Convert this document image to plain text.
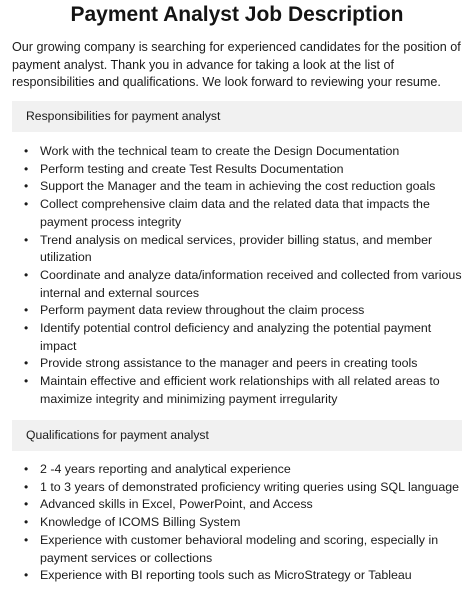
Payment Analyst Job Description

Our growing company is searching for experienced candidates for the position of payment analyst. Thank you in advance for taking a look at the list of responsibilities and qualifications. We look forward to reviewing your resume.

Responsibilities for payment analyst
• Work with the technical team to create the Design Documentation
• Perform testing and create Test Results Documentation
• Support the Manager and the team in achieving the cost reduction goals
• Collect comprehensive claim data and the related data that impacts the payment process integrity
• Trend analysis on medical services, provider billing status, and member utilization
• Coordinate and analyze data/information received and collected from various internal and external sources
• Perform payment data review throughout the claim process
• Identify potential control deficiency and analyzing the potential payment impact
• Provide strong assistance to the manager and peers in creating tools
• Maintain effective and efficient work relationships with all related areas to maximize integrity and minimizing payment irregularity
Qualifications for payment analyst
• 2 -4 years reporting and analytical experience
• 1 to 3 years of demonstrated proficiency writing queries using SQL language
• Advanced skills in Excel, PowerPoint, and Access
• Knowledge of ICOMS Billing System
• Experience with customer behavioral modeling and scoring, especially in payment services or collections
• Experience with BI reporting tools such as MicroStrategy or Tableau
